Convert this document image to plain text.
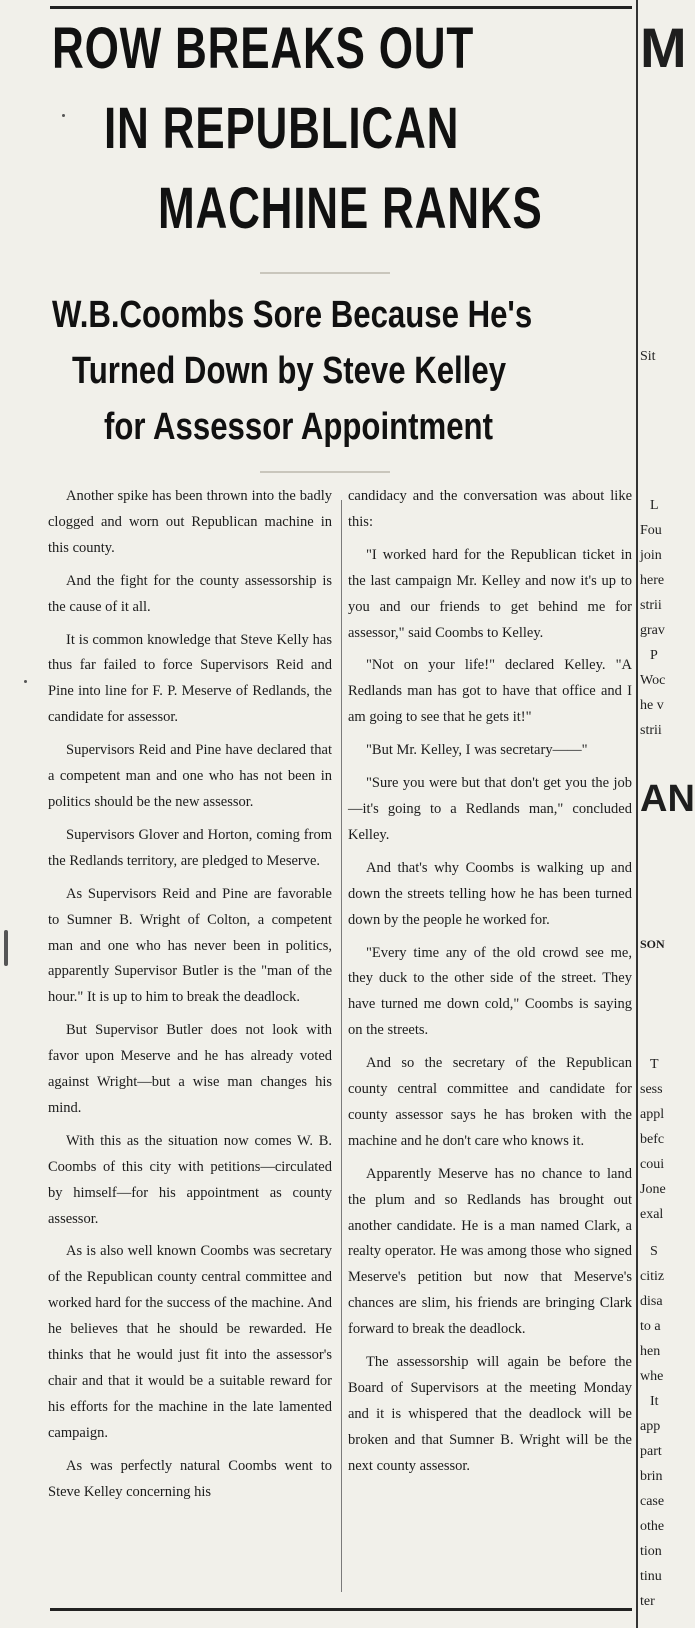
ROW BREAKS OUT
IN REPUBLICAN
MACHINE RANKS
W.B.Coombs Sore Because He's
Turned Down by Steve Kelley
for Assessor Appointment

Another spike has been thrown into the badly clogged and worn out Republican machine in this county.

And the fight for the county assessorship is the cause of it all.

It is common knowledge that Steve Kelly has thus far failed to force Supervisors Reid and Pine into line for F. P. Meserve of Redlands, the candidate for assessor.

Supervisors Reid and Pine have declared that a competent man and one who has not been in politics should be the new assessor.

Supervisors Glover and Horton, coming from the Redlands territory, are pledged to Meserve.

As Supervisors Reid and Pine are favorable to Sumner B. Wright of Colton, a competent man and one who has never been in politics, apparently Supervisor Butler is the "man of the hour." It is up to him to break the deadlock.

But Supervisor Butler does not look with favor upon Meserve and he has already voted against Wright—but a wise man changes his mind.

With this as the situation now comes W. B. Coombs of this city with petitions—circulated by himself—for his appointment as county assessor.

As is also well known Coombs was secretary of the Republican county central committee and worked hard for the success of the machine. And he believes that he should be rewarded. He thinks that he would just fit into the assessor's chair and that it would be a suitable reward for his efforts for the machine in the late lamented campaign.

As was perfectly natural Coombs went to Steve Kelley concerning his

candidacy and the conversation was about like this:

"I worked hard for the Republican ticket in the last campaign Mr. Kelley and now it's up to you and our friends to get behind me for assessor," said Coombs to Kelley.

"Not on your life!" declared Kelley. "A Redlands man has got to have that office and I am going to see that he gets it!"

"But Mr. Kelley, I was secretary——"

"Sure you were but that don't get you the job—it's going to a Redlands man," concluded Kelley.

And that's why Coombs is walking up and down the streets telling how he has been turned down by the people he worked for.

"Every time any of the old crowd see me, they duck to the other side of the street. They have turned me down cold," Coombs is saying on the streets.

And so the secretary of the Republican county central committee and candidate for county assessor says he has broken with the machine and he don't care who knows it.

Apparently Meserve has no chance to land the plum and so Redlands has brought out another candidate. He is a man named Clark, a realty operator. He was among those who signed Meserve's petition but now that Meserve's chances are slim, his friends are bringing Clark forward to break the deadlock.

The assessorship will again be before the Board of Supervisors at the meeting Monday and it is whispered that the deadlock will be broken and that Sumner B. Wright will be the next county assessor.

M
Sit
L
Fou
join
here
strii
grav
P
Woc
he v
strii
AN
SON
T
sess
appl
befc
coui
Jone
exal
S
citiz
disa
to a
hen
whe
It
app
part
brin
case
othe
tion
tinu
ter
